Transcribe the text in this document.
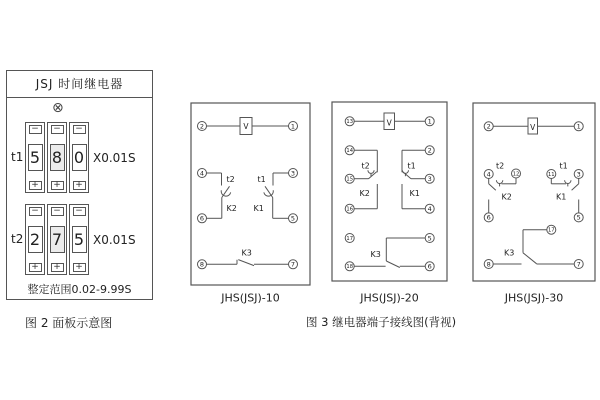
JSJ 时间继电器
⊗
t1
−
5
+
−
8
+
−
0
+
X0.01S
t2
−
2
+
−
7
+
−
5
+
X0.01S
整定范围0.02-9.99S
图 2 面板示意图
V
2	1
4	3
6	5
8	7
t2	t1
K2 K1
K3
JHS(JSJ)-10
V
13	1
14	2
15	3
16	4
17	5
18	6
t2	t1
K2	K1
K3
JHS(JSJ)-20
V
2	1
4	12	11	3
6	5
17
8	7
t2	t1
K2	K1
K3
JHS(JSJ)-30
图 3 继电器端子接线图(背视)
